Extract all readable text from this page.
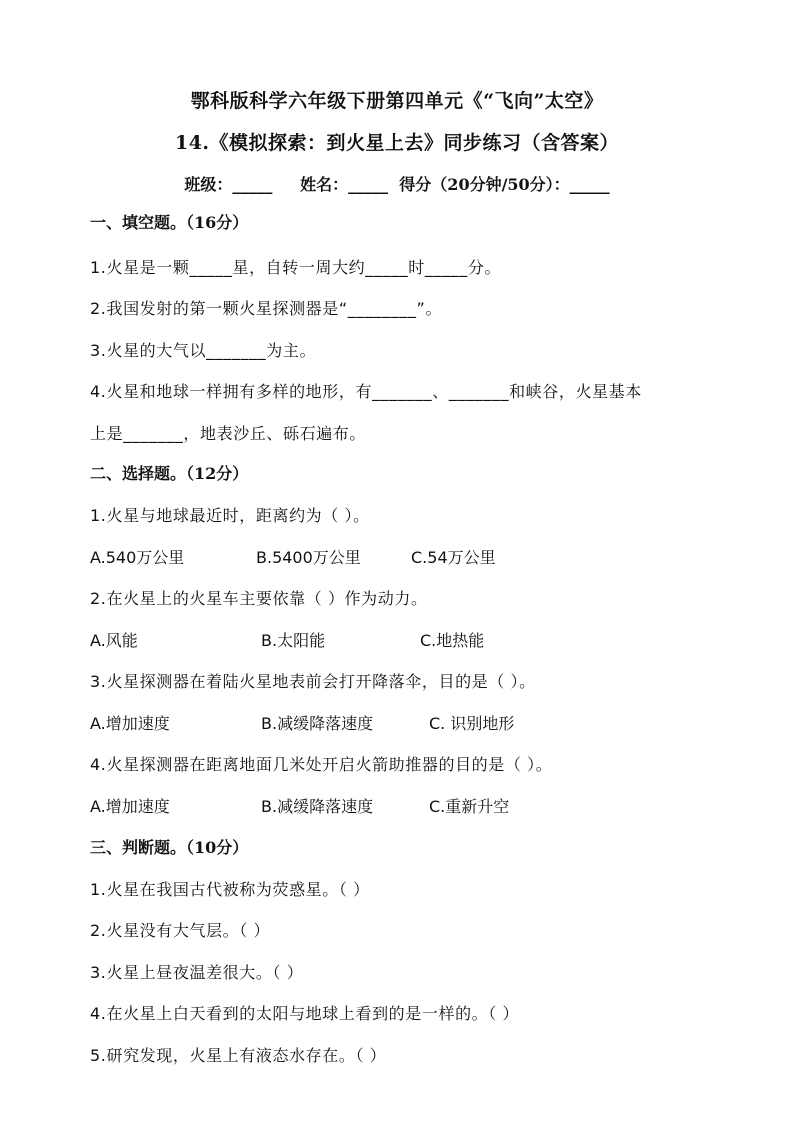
鄂科版科学六年级下册第四单元《“飞向”太空》
14.《模拟探索：到火星上去》同步练习（含答案）
班级：_____     姓名：_____  得分（20分钟/50分）：_____
一、填空题。（16分）
1.火星是一颗_____星，自转一周大约_____时_____分。
2.我国发射的第一颗火星探测器是“________”。
3.火星的大气以_______为主。
4.火星和地球一样拥有多样的地形，有_______、_______和峡谷，火星基本
上是_______，地表沙丘、砾石遍布。
二、选择题。（12分）
1.火星与地球最近时，距离约为（ ）。
A.540万公里	B.5400万公里	C.54万公里
2.在火星上的火星车主要依靠（ ）作为动力。
A.风能	B.太阳能	C.地热能
3.火星探测器在着陆火星地表前会打开降落伞，目的是（ ）。
A.增加速度	B.减缓降落速度	C. 识别地形
4.火星探测器在距离地面几米处开启火箭助推器的目的是（ ）。
A.增加速度	B.减缓降落速度	C.重新升空
三、判断题。（10分）
1.火星在我国古代被称为荧惑星。（ ）
2.火星没有大气层。（ ）
3.火星上昼夜温差很大。（ ）
4.在火星上白天看到的太阳与地球上看到的是一样的。（ ）
5.研究发现，火星上有液态水存在。（ ）
